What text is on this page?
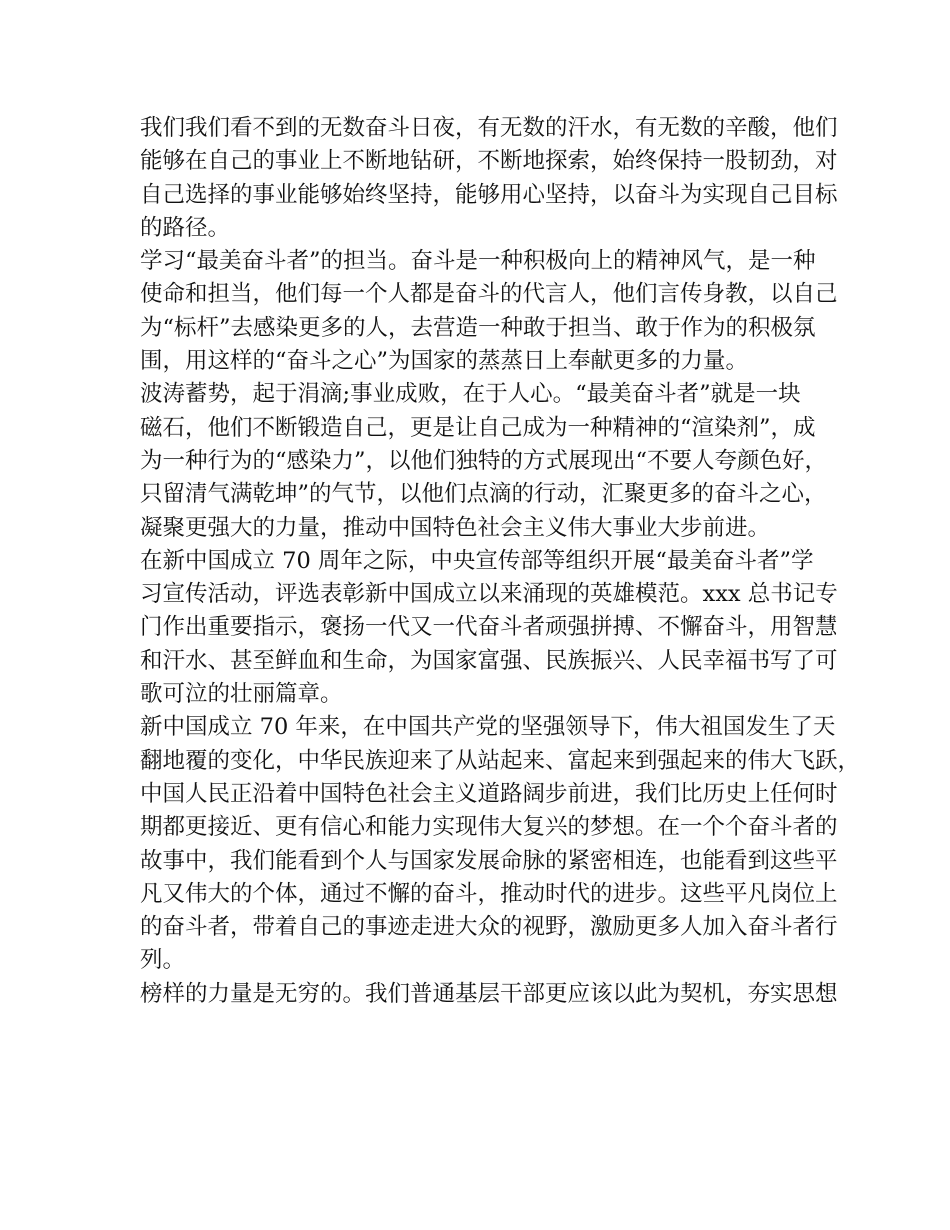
我们我们看不到的无数奋斗日夜，有无数的汗水，有无数的辛酸，他们
能够在自己的事业上不断地钻研，不断地探索，始终保持一股韧劲，对
自己选择的事业能够始终坚持，能够用心坚持，以奋斗为实现自己目标
的路径。
学习“最美奋斗者”的担当。奋斗是一种积极向上的精神风气，是一种
使命和担当，他们每一个人都是奋斗的代言人，他们言传身教，以自己
为“标杆”去感染更多的人，去营造一种敢于担当、敢于作为的积极氛
围，用这样的“奋斗之心”为国家的蒸蒸日上奉献更多的力量。
波涛蓄势，起于涓滴;事业成败，在于人心。“最美奋斗者”就是一块
磁石，他们不断锻造自己，更是让自己成为一种精神的“渲染剂”，成
为一种行为的“感染力”，以他们独特的方式展现出“不要人夸颜色好，
只留清气满乾坤”的气节，以他们点滴的行动，汇聚更多的奋斗之心，
凝聚更强大的力量，推动中国特色社会主义伟大事业大步前进。
在新中国成立 70 周年之际，中央宣传部等组织开展“最美奋斗者”学
习宣传活动，评选表彰新中国成立以来涌现的英雄模范。xxx 总书记专
门作出重要指示，褒扬一代又一代奋斗者顽强拼搏、不懈奋斗，用智慧
和汗水、甚至鲜血和生命，为国家富强、民族振兴、人民幸福书写了可
歌可泣的壮丽篇章。
新中国成立 70 年来，在中国共产党的坚强领导下，伟大祖国发生了天
翻地覆的变化，中华民族迎来了从站起来、富起来到强起来的伟大飞跃，
中国人民正沿着中国特色社会主义道路阔步前进，我们比历史上任何时
期都更接近、更有信心和能力实现伟大复兴的梦想。在一个个奋斗者的
故事中，我们能看到个人与国家发展命脉的紧密相连，也能看到这些平
凡又伟大的个体，通过不懈的奋斗，推动时代的进步。这些平凡岗位上
的奋斗者，带着自己的事迹走进大众的视野，激励更多人加入奋斗者行
列。
榜样的力量是无穷的。我们普通基层干部更应该以此为契机，夯实思想
